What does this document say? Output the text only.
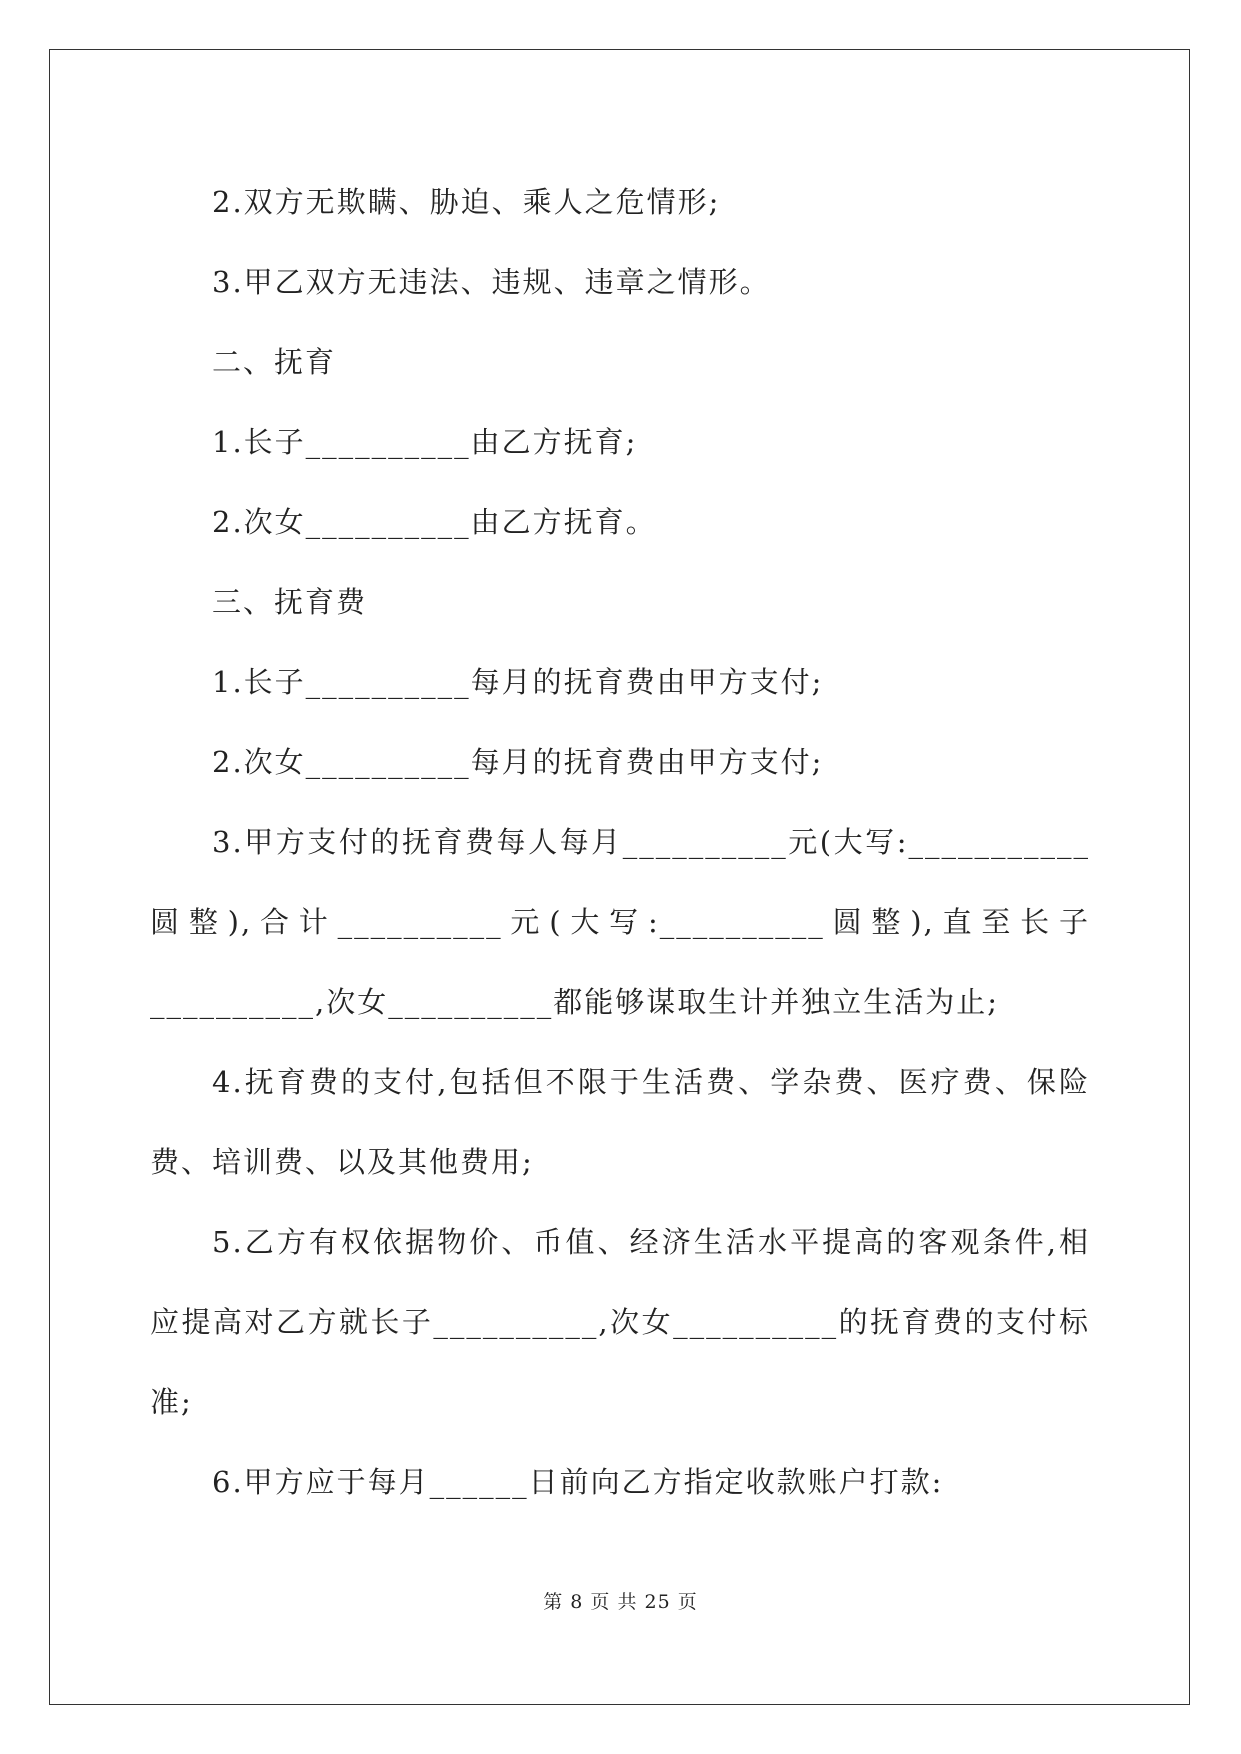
2.双方无欺瞒、胁迫、乘人之危情形;

3.甲乙双方无违法、违规、违章之情形。

二、抚育

1.长子__________由乙方抚育;

2.次女__________由乙方抚育。

三、抚育费

1.长子__________每月的抚育费由甲方支付;

2.次女__________每月的抚育费由甲方支付;

3.甲方支付的抚育费每人每月__________元(大写:___________

圆整),合计__________元(大写:__________圆整),直至长子

__________,次女__________都能够谋取生计并独立生活为止;

4.抚育费的支付,包括但不限于生活费、学杂费、医疗费、保险

费、培训费、以及其他费用;

5.乙方有权依据物价、币值、经济生活水平提高的客观条件,相

应提高对乙方就长子__________,次女__________的抚育费的支付标

准;

6.甲方应于每月______日前向乙方指定收款账户打款:

第 8 页 共 25 页
